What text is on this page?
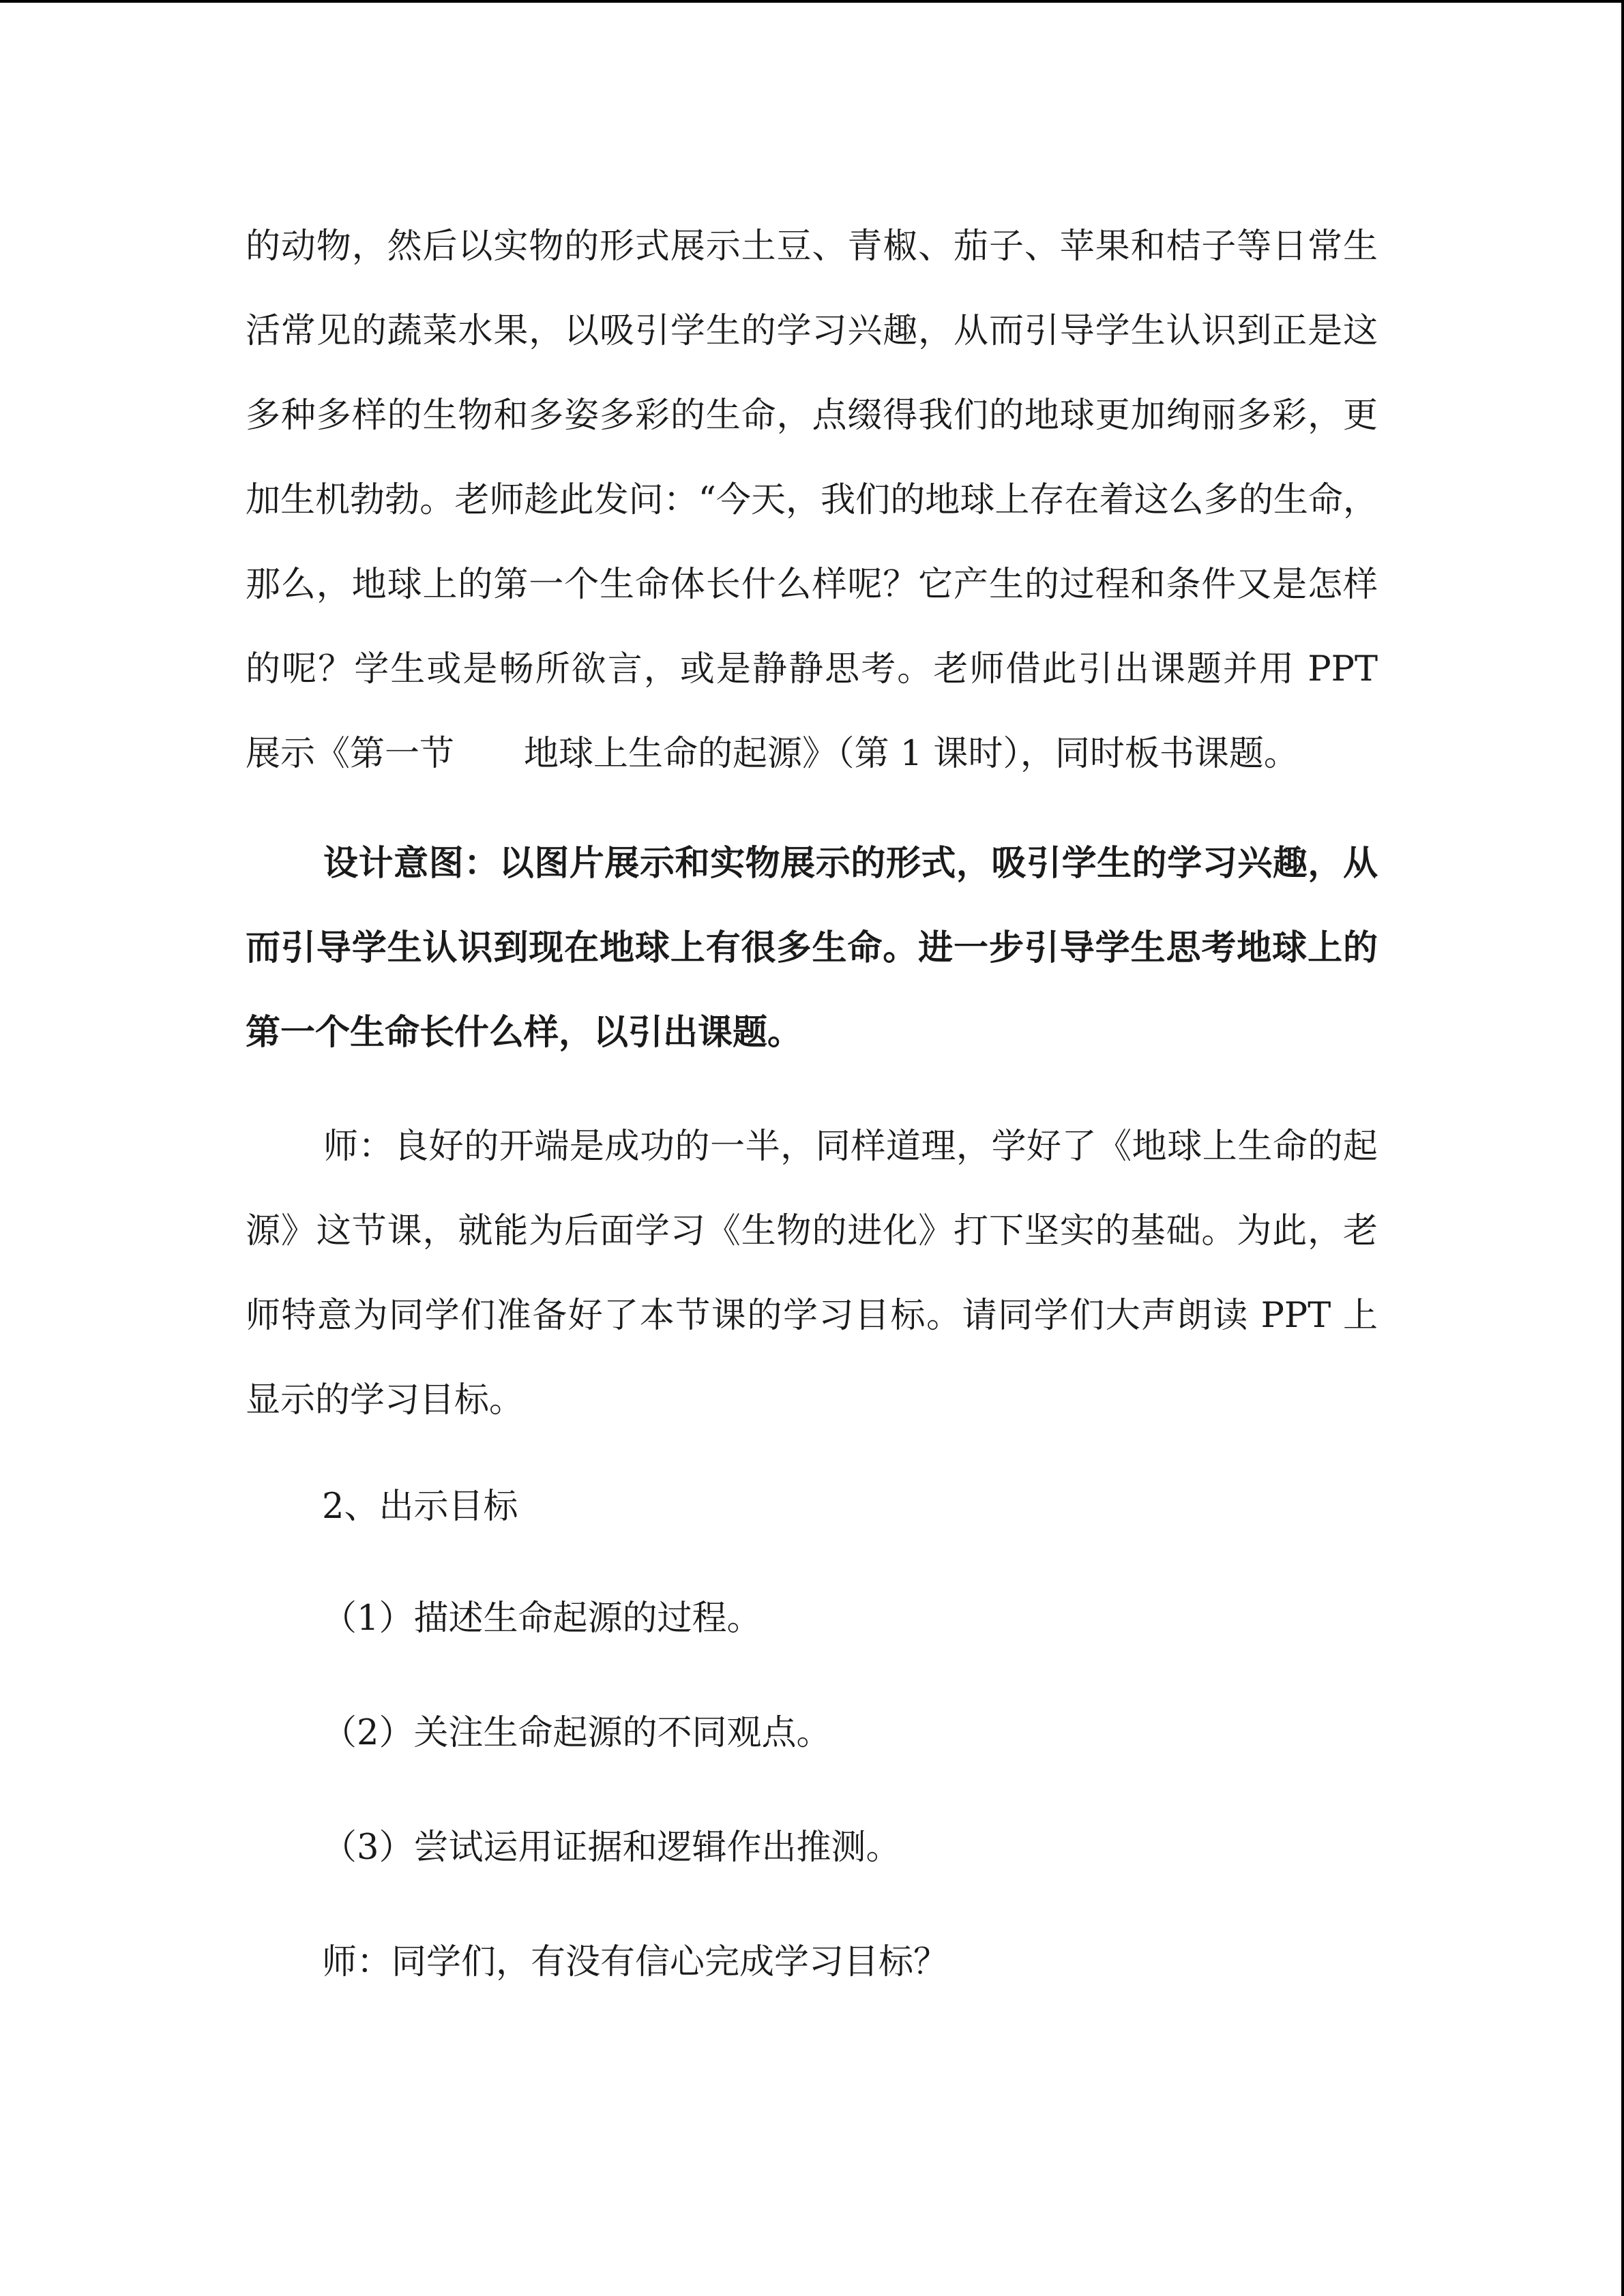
的动物，然后以实物的形式展示土豆、青椒、茄子、苹果和桔子等日常生活常见的蔬菜水果，以吸引学生的学习兴趣，从而引导学生认识到正是这多种多样的生物和多姿多彩的生命，点缀得我们的地球更加绚丽多彩，更加生机勃勃。老师趁此发问：“今天，我们的地球上存在着这么多的生命，那么，地球上的第一个生命体长什么样呢？它产生的过程和条件又是怎样的呢？学生或是畅所欲言，或是静静思考。老师借此引出课题并用 PPT 展示《第一节　　地球上生命的起源》（第 1 课时），同时板书课题。

设计意图：以图片展示和实物展示的形式，吸引学生的学习兴趣，从而引导学生认识到现在地球上有很多生命。进一步引导学生思考地球上的第一个生命长什么样，以引出课题。

师：良好的开端是成功的一半，同样道理，学好了《地球上生命的起源》这节课，就能为后面学习《生物的进化》打下坚实的基础。为此，老师特意为同学们准备好了本节课的学习目标。请同学们大声朗读 PPT 上显示的学习目标。

2、出示目标
（1）描述生命起源的过程。
（2）关注生命起源的不同观点。
（3）尝试运用证据和逻辑作出推测。
师：同学们，有没有信心完成学习目标？
